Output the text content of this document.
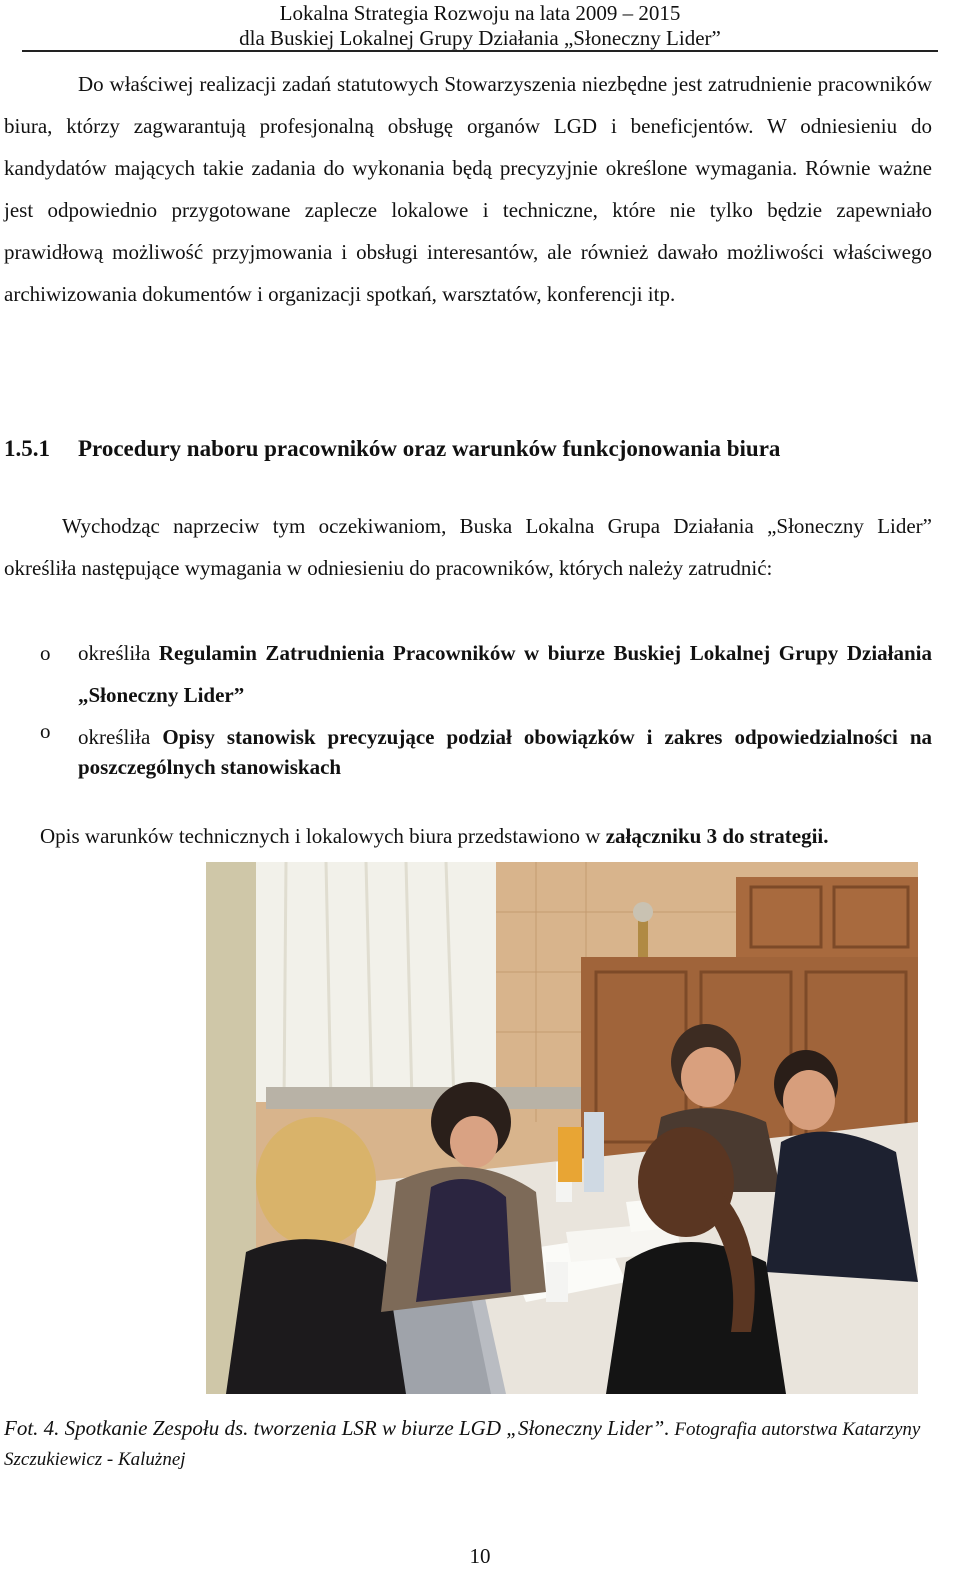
Lokalna Strategia Rozwoju na lata 2009 – 2015
dla Buskiej Lokalnej Grupy Działania „Słoneczny Lider”

Do właściwej realizacji zadań statutowych Stowarzyszenia niezbędne jest zatrudnienie pracowników biura, którzy zagwarantują profesjonalną obsługę organów LGD i beneficjentów. W odniesieniu do kandydatów mających takie zadania do wykonania będą precyzyjnie określone wymagania. Równie ważne jest odpowiednio przygotowane zaplecze lokalowe i techniczne, które nie tylko będzie zapewniało prawidłową możliwość przyjmowania i obsługi interesantów, ale również dawało możliwości właściwego archiwizowania dokumentów i organizacji spotkań, warsztatów, konferencji itp.

1.5.1 Procedury naboru pracowników oraz warunków funkcjonowania biura

Wychodząc naprzeciw tym oczekiwaniom, Buska Lokalna Grupa Działania „Słoneczny Lider” określiła następujące wymagania w odniesieniu do pracowników, których należy zatrudnić:

o określiła Regulamin Zatrudnienia Pracowników w biurze Buskiej Lokalnej Grupy Działania „Słoneczny Lider”
o określiła Opisy stanowisk precyzujące podział obowiązków i zakres odpowiedzialności na poszczególnych stanowiskach

Opis warunków technicznych i lokalowych biura przedstawiono w załączniku 3 do strategii.

Fot. 4. Spotkanie Zespołu ds. tworzenia LSR w biurze LGD „Słoneczny Lider”. Fotografia autorstwa Katarzyny Szczukiewicz - Kalużnej
10
